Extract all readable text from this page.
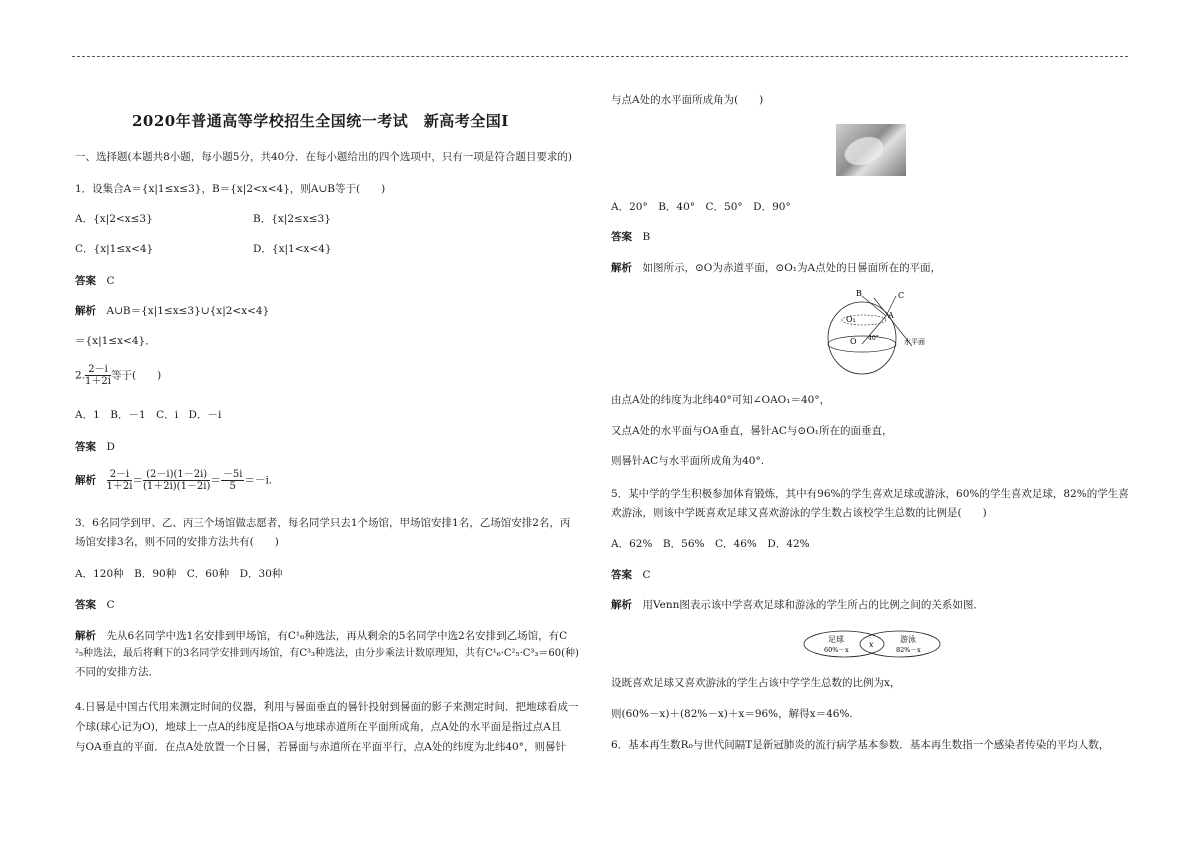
2020年普通高等学校招生全国统一考试　新高考全国Ⅰ

一、选择题(本题共8小题，每小题5分，共40分．在每小题给出的四个选项中，只有一项是符合题目要求的)

1．设集合A＝{x|1≤x≤3}，B＝{x|2<x<4}，则A∪B等于(　　)

A．{x|2<x≤3}	B．{x|2≤x≤3}

C．{x|1≤x<4}	D．{x|1<x<4}

答案　 C

解析　 A∪B＝{x|1≤x≤3}∪{x|2<x<4}

＝{x|1≤x<4}．

2. $\frac{2-i}{1+2i}$ 等于(　　)

A．1　B．－1　C．i　D．－i

答案　 D

解析　 $\frac{2-i}{1+2i} = \frac{(2-i)(1-2i)}{(1+2i)(1-2i)} = \frac{-5i}{5} =-i$.

3．6名同学到甲、乙、丙三个场馆做志愿者，每名同学只去1个场馆，甲场馆安排1名，乙场馆安排2名，丙

场馆安排3名，则不同的安排方法共有(　　)

A．120种　B．90种　C．60种　D．30种

答案　 C

解析　 先从6名同学中选1名安排到甲场馆，有C¹₆种选法，再从剩余的5名同学中选2名安排到乙场馆，有C

²₅种选法，最后将剩下的3名同学安排到丙场馆，有C³₃种选法，由分步乘法计数原理知，共有C¹₆·C²₅·C³₃＝60(种)

不同的安排方法．

4.日晷是中国古代用来测定时间的仪器，利用与晷面垂直的晷针投射到晷面的影子来测定时间．把地球看成一

个球(球心记为O)，地球上一点A的纬度是指OA与地球赤道所在平面所成角，点A处的水平面是指过点A且

与OA垂直的平面．在点A处放置一个日晷，若晷面与赤道所在平面平行，点A处的纬度为北纬40°，则晷针

与点A处的水平面所成角为(　　)

A．20°　B．40°　C．50°　D．90°

答案　 B

解析　 如图所示，⊙O为赤道平面，⊙O₁为A点处的日晷面所在的平面，

B	C
O₁	A
40°
O	水平面

由点A处的纬度为北纬40°可知∠OAO₁＝40°，

又点A处的水平面与OA垂直，晷针AC与⊙O₁所在的面垂直，

则晷针AC与水平面所成角为40°.

5．某中学的学生积极参加体育锻炼，其中有96%的学生喜欢足球或游泳，60%的学生喜欢足球，82%的学生喜

欢游泳，则该中学既喜欢足球又喜欢游泳的学生数占该校学生总数的比例是(　　)

A．62%　B．56%　C．46%　D．42%

答案　 C

解析　 用Venn图表示该中学喜欢足球和游泳的学生所占的比例之间的关系如图．

足球
60%－x
x
游泳
82%－x

设既喜欢足球又喜欢游泳的学生占该中学学生总数的比例为x，

则(60%－x)＋(82%－x)＋x＝96%，解得x＝46%.

6．基本再生数R₀与世代间隔T是新冠肺炎的流行病学基本参数．基本再生数指一个感染者传染的平均人数，
